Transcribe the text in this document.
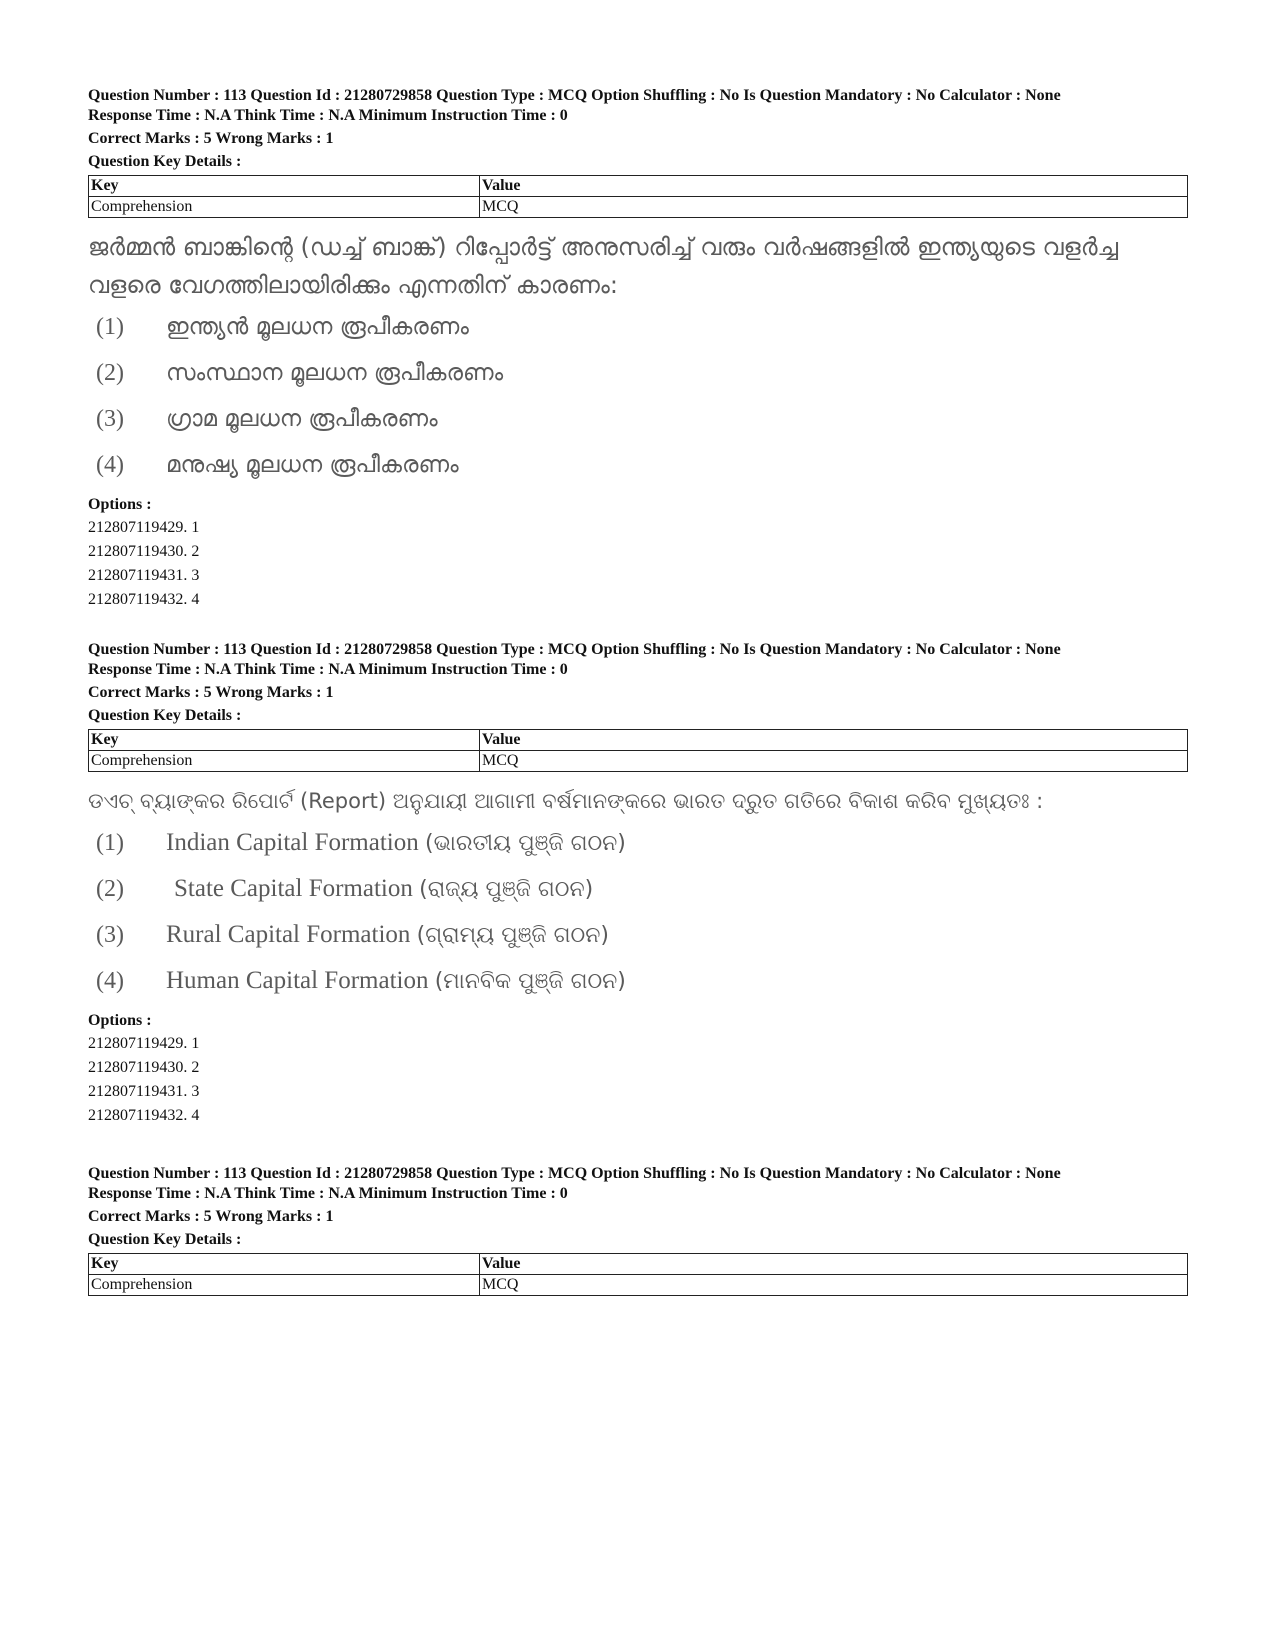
Question Number : 113 Question Id : 21280729858 Question Type : MCQ Option Shuffling : No Is Question Mandatory : No Calculator : None
Response Time : N.A Think Time : N.A Minimum Instruction Time : 0
Correct Marks : 5 Wrong Marks : 1
Question Key Details :

Key	Value
Comprehension	MCQ
ജർമ്മൻ ബാങ്കിന്റെ (ഡച്ച് ബാങ്ക്) റിപ്പോർട്ട് അനുസരിച്ച് വരും വർഷങ്ങളിൽ ഇന്ത്യയുടെ വളർച്ച വളരെ വേഗത്തിലായിരിക്കും എന്നതിന് കാരണം:
(1)	ഇന്ത്യൻ മൂലധന രൂപീകരണം
(2)	സംസ്ഥാന മൂലധന രൂപീകരണം
(3)	ഗ്രാമ മൂലധന രൂപീകരണം
(4)	മനുഷ്യ മൂലധന രൂപീകരണം
Options :
212807119429. 1
212807119430. 2
212807119431. 3
212807119432. 4

Question Number : 113 Question Id : 21280729858 Question Type : MCQ Option Shuffling : No Is Question Mandatory : No Calculator : None
Response Time : N.A Think Time : N.A Minimum Instruction Time : 0
Correct Marks : 5 Wrong Marks : 1
Question Key Details :

Key	Value
Comprehension	MCQ
ଡଏଚ୍ ବ୍ୟାଙ୍କର ରିପୋର୍ଟ (Report) ଅନୁଯାୟୀ ଆଗାମୀ ବର୍ଷମାନଙ୍କରେ ଭାରତ ଦ୍ରୁତ ଗତିରେ ବିକାଶ କରିବ ମୁଖ୍ୟତଃ :
(1)	Indian Capital Formation (ଭାରତୀୟ ପୁଞ୍ଜି ଗଠନ)
(2)	State Capital Formation (ରାଜ୍ୟ ପୁଞ୍ଜି ଗଠନ)
(3)	Rural Capital Formation (ଗ୍ରାମ୍ୟ ପୁଞ୍ଜି ଗଠନ)
(4)	Human Capital Formation (ମାନବିକ ପୁଞ୍ଜି ଗଠନ)
Options :
212807119429. 1
212807119430. 2
212807119431. 3
212807119432. 4

Question Number : 113 Question Id : 21280729858 Question Type : MCQ Option Shuffling : No Is Question Mandatory : No Calculator : None
Response Time : N.A Think Time : N.A Minimum Instruction Time : 0
Correct Marks : 5 Wrong Marks : 1
Question Key Details :

Key	Value
Comprehension	MCQ
